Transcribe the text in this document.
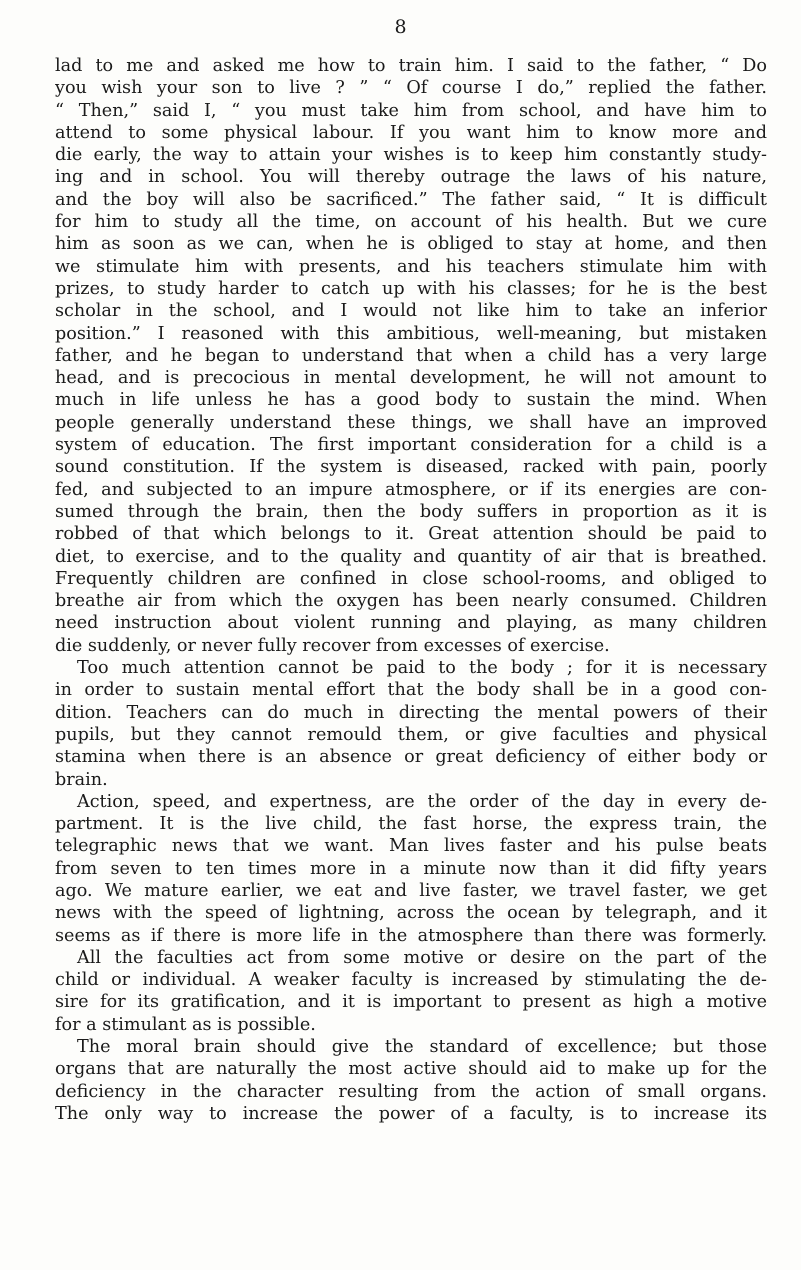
8
lad to me and asked me how to train him. I said to the father, “ Do
you wish your son to live ? ” “ Of course I do,” replied the father.
“ Then,” said I, “ you must take him from school, and have him to
attend to some physical labour. If you want him to know more and
die early, the way to attain your wishes is to keep him constantly study-
ing and in school. You will thereby outrage the laws of his nature,
and the boy will also be sacrificed.” The father said, “ It is difficult
for him to study all the time, on account of his health. But we cure
him as soon as we can, when he is obliged to stay at home, and then
we stimulate him with presents, and his teachers stimulate him with
prizes, to study harder to catch up with his classes; for he is the best
scholar in the school, and I would not like him to take an inferior
position.” I reasoned with this ambitious, well-meaning, but mistaken
father, and he began to understand that when a child has a very large
head, and is precocious in mental development, he will not amount to
much in life unless he has a good body to sustain the mind. When
people generally understand these things, we shall have an improved
system of education. The first important consideration for a child is a
sound constitution. If the system is diseased, racked with pain, poorly
fed, and subjected to an impure atmosphere, or if its energies are con-
sumed through the brain, then the body suffers in proportion as it is
robbed of that which belongs to it. Great attention should be paid to
diet, to exercise, and to the quality and quantity of air that is breathed.
Frequently children are confined in close school-rooms, and obliged to
breathe air from which the oxygen has been nearly consumed. Children
need instruction about violent running and playing, as many children
die suddenly, or never fully recover from excesses of exercise.
Too much attention cannot be paid to the body ; for it is necessary
in order to sustain mental effort that the body shall be in a good con-
dition. Teachers can do much in directing the mental powers of their
pupils, but they cannot remould them, or give faculties and physical
stamina when there is an absence or great deficiency of either body or
brain.
Action, speed, and expertness, are the order of the day in every de-
partment. It is the live child, the fast horse, the express train, the
telegraphic news that we want. Man lives faster and his pulse beats
from seven to ten times more in a minute now than it did fifty years
ago. We mature earlier, we eat and live faster, we travel faster, we get
news with the speed of lightning, across the ocean by telegraph, and it
seems as if there is more life in the atmosphere than there was formerly.
All the faculties act from some motive or desire on the part of the
child or individual. A weaker faculty is increased by stimulating the de-
sire for its gratification, and it is important to present as high a motive
for a stimulant as is possible.
The moral brain should give the standard of excellence; but those
organs that are naturally the most active should aid to make up for the
deficiency in the character resulting from the action of small organs.
The only way to increase the power of a faculty, is to increase its
